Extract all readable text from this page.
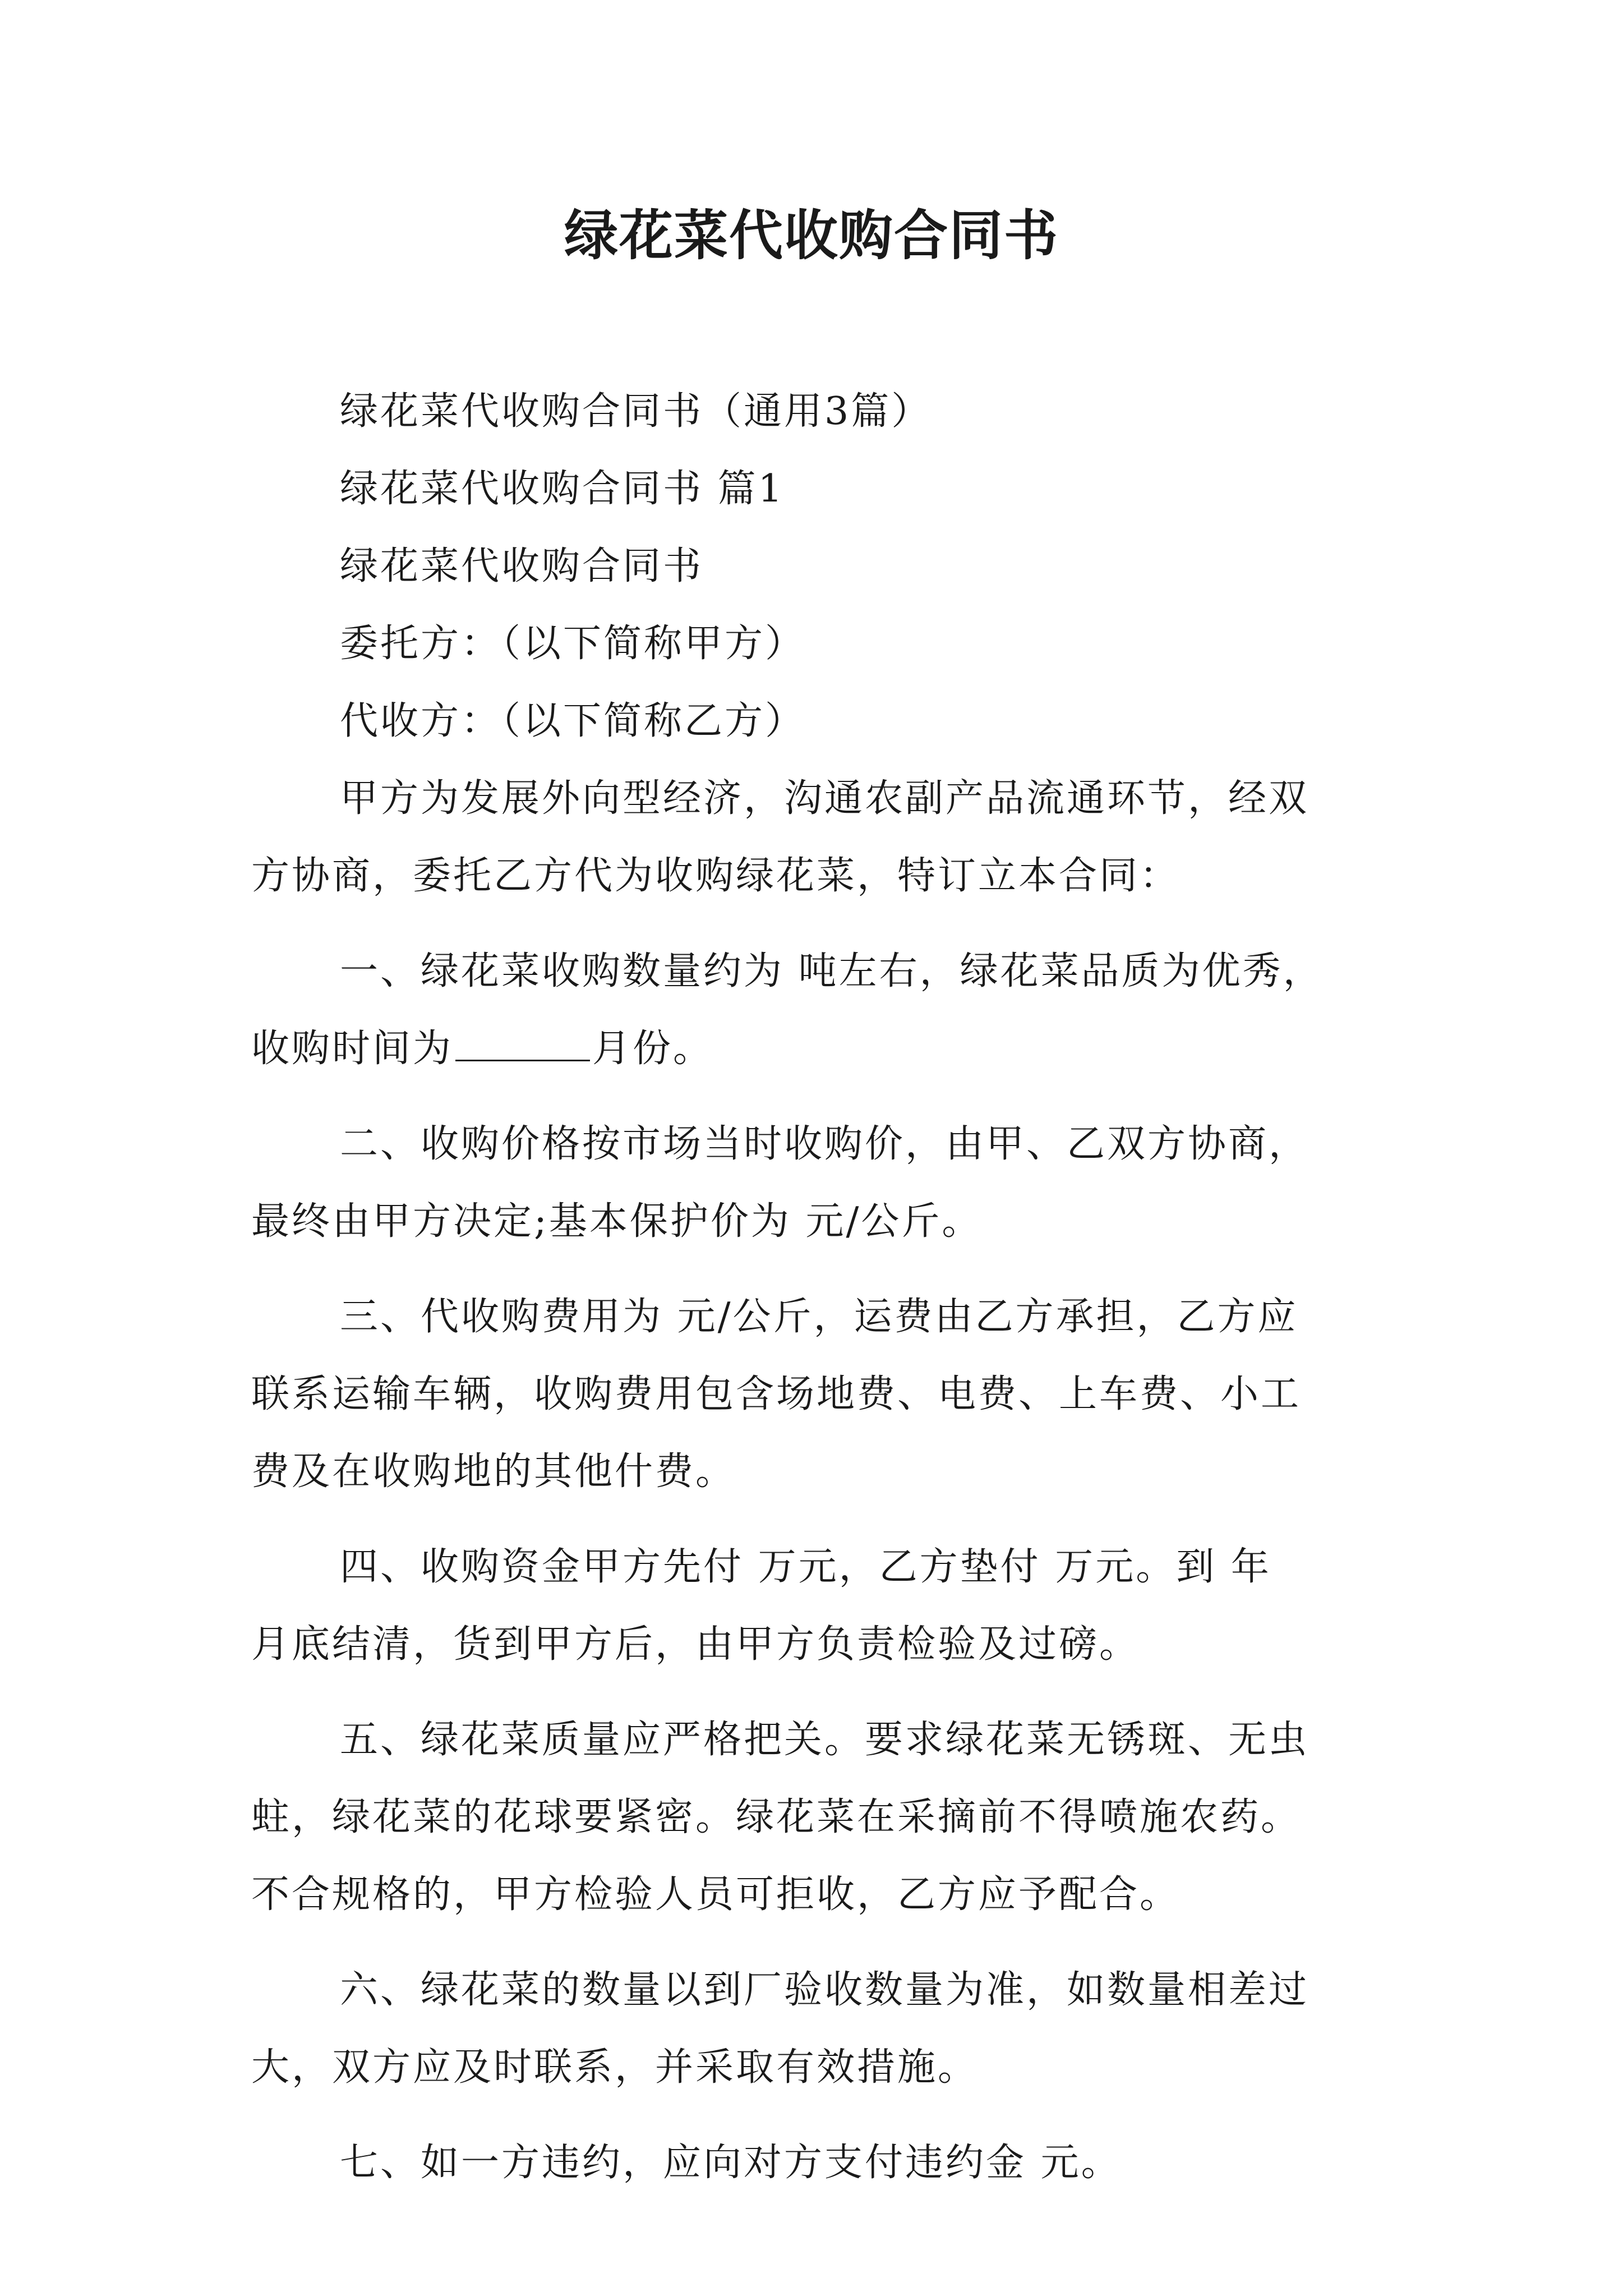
绿花菜代收购合同书
绿花菜代收购合同书（通用3篇）
绿花菜代收购合同书 篇1
绿花菜代收购合同书
委托方：（以下简称甲方）
代收方：（以下简称乙方）
甲方为发展外向型经济，沟通农副产品流通环节，经双
方协商，委托乙方代为收购绿花菜，特订立本合同：
一、绿花菜收购数量约为 吨左右，绿花菜品质为优秀，
收购时间为	月份。
二、收购价格按市场当时收购价，由甲、乙双方协商，
最终由甲方决定;基本保护价为 元/公斤。
三、代收购费用为 元/公斤，运费由乙方承担，乙方应
联系运输车辆，收购费用包含场地费、电费、上车费、小工
费及在收购地的其他什费。
四、收购资金甲方先付 万元，乙方垫付 万元。到 年
月底结清，货到甲方后，由甲方负责检验及过磅。
五、绿花菜质量应严格把关。要求绿花菜无锈斑、无虫
蛀，绿花菜的花球要紧密。绿花菜在采摘前不得喷施农药。
不合规格的，甲方检验人员可拒收，乙方应予配合。
六、绿花菜的数量以到厂验收数量为准，如数量相差过
大，双方应及时联系，并采取有效措施。
七、如一方违约，应向对方支付违约金 元。
